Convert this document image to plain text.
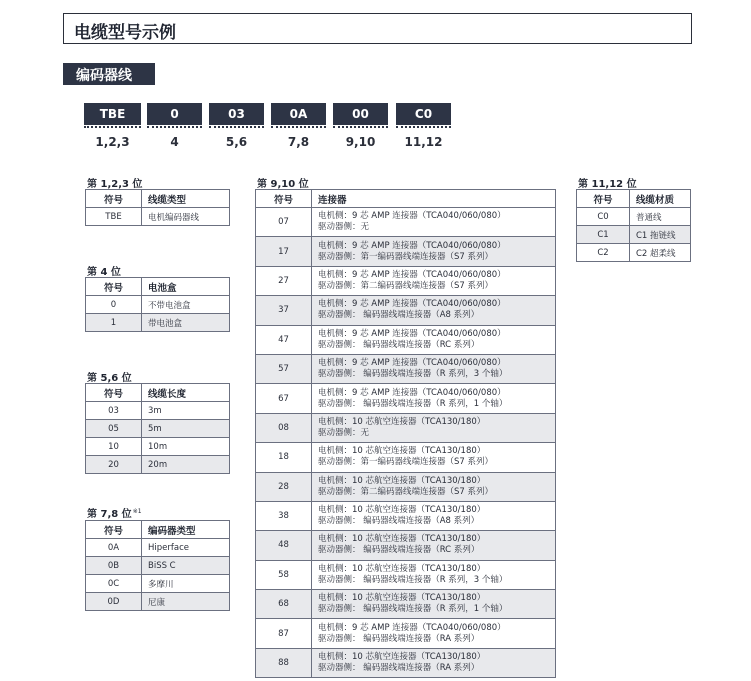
电缆型号示例
编码器线
TBE	0	03	0A	00	C0
1,2,3	4	5,6	7,8	9,10	11,12
第 1,2,3 位
符号	线缆类型
TBE	电机编码器线
第 4 位
符号	电池盒
0	不带电池盒
1	带电池盒
第 5,6 位
符号	线缆长度
03	3m
05	5m
10	10m
20	20m
第 7,8 位$^{※1}$
符号	编码器类型
0A	Hiperface
0B	BiSS C
0C	多摩川
0D	尼康
第 9,10 位
符号	连接器
07	电机侧：9 芯 AMP 连接器（TCA040/060/080）
驱动器侧：无

17	电机侧：9 芯 AMP 连接器（TCA040/060/080）
驱动器侧：第一编码器线端连接器（S7 系列）

27	电机侧：9 芯 AMP 连接器（TCA040/060/080）
驱动器侧：第二编码器线端连接器（S7 系列）

37	电机侧：9 芯 AMP 连接器（TCA040/060/080）
驱动器侧： 编码器线端连接器（A8 系列）

47	电机侧：9 芯 AMP 连接器（TCA040/060/080）
驱动器侧： 编码器线端连接器（RC 系列）

57	电机侧：9 芯 AMP 连接器（TCA040/060/080）
驱动器侧： 编码器线端连接器（R 系列，3 个轴）

67	电机侧：9 芯 AMP 连接器（TCA040/060/080）
驱动器侧： 编码器线端连接器（R 系列，1 个轴）

08	电机侧：10 芯航空连接器（TCA130/180）
驱动器侧：无

18	电机侧：10 芯航空连接器（TCA130/180）
驱动器侧：第一编码器线端连接器（S7 系列）

28	电机侧：10 芯航空连接器（TCA130/180）
驱动器侧：第二编码器线端连接器（S7 系列）

38	电机侧：10 芯航空连接器（TCA130/180）
驱动器侧： 编码器线端连接器（A8 系列）

48	电机侧：10 芯航空连接器（TCA130/180）
驱动器侧： 编码器线端连接器（RC 系列）

58	电机侧：10 芯航空连接器（TCA130/180）
驱动器侧： 编码器线端连接器（R 系列，3 个轴）

68	电机侧：10 芯航空连接器（TCA130/180）
驱动器侧： 编码器线端连接器（R 系列，1 个轴）

87	电机侧：9 芯 AMP 连接器（TCA040/060/080）
驱动器侧： 编码器线端连接器（RA 系列）

88	电机侧：10 芯航空连接器（TCA130/180）
驱动器侧： 编码器线端连接器（RA 系列）
第 11,12 位
符号	线缆材质
C0	普通线
C1	C1 拖链线
C2	C2 超柔线
